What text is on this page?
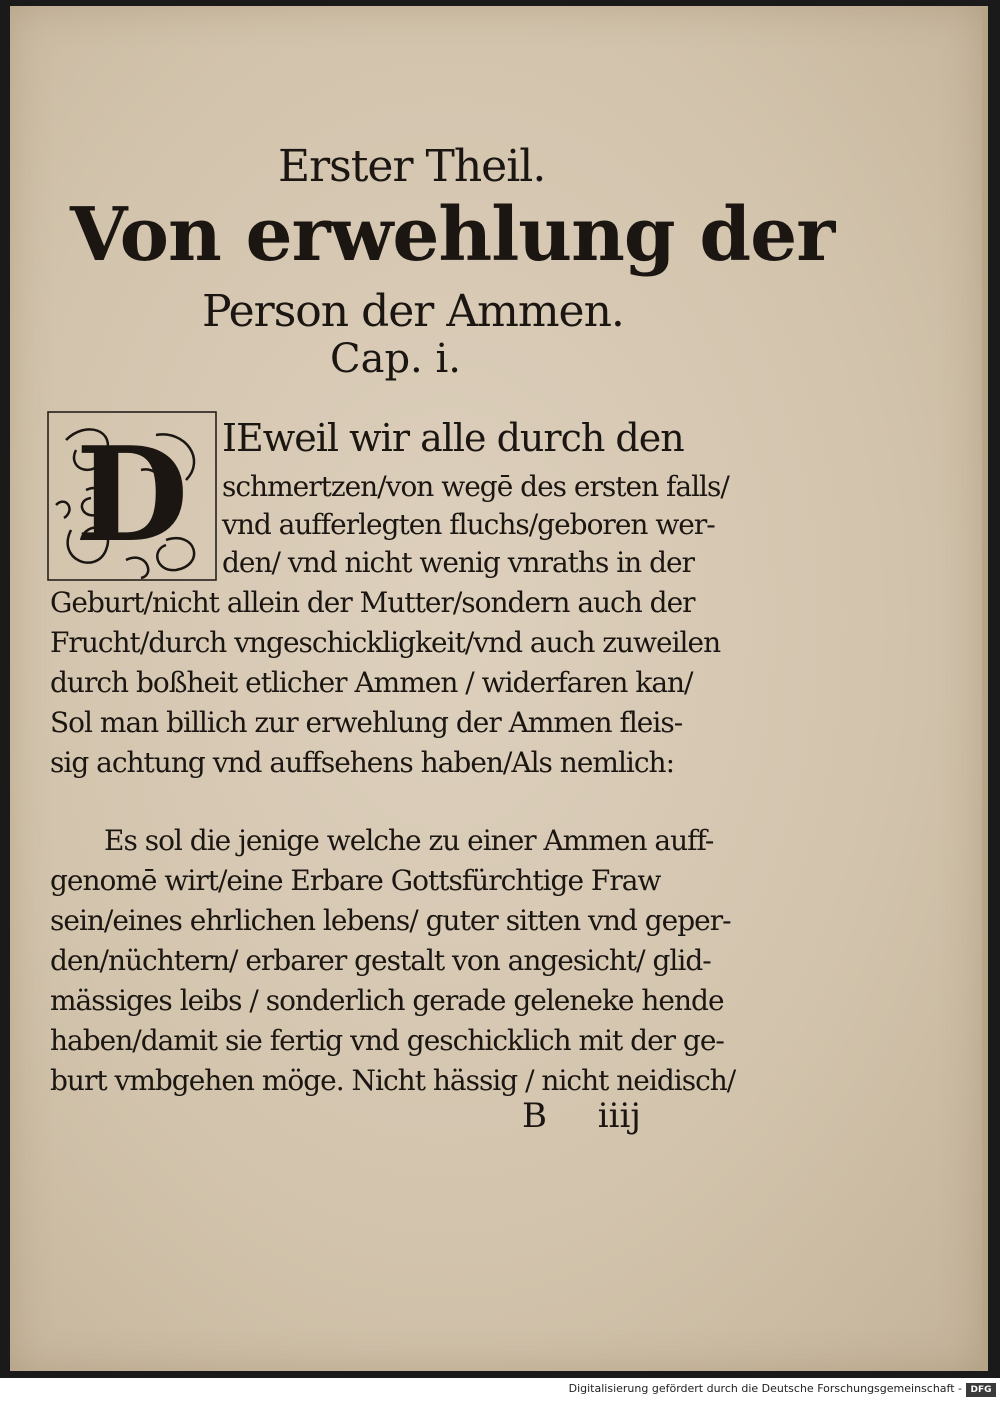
Erster Theil.
Von erwehlung der
Person der Ammen.
Cap. i.
D IEweil wir alle durch den
schmertzen/von wegē des ersten falls/
vnd aufferlegten fluchs/geboren wer-
den/ vnd nicht wenig vnraths in der
Geburt/nicht allein der Mutter/sondern auch der
Frucht/durch vngeschickligkeit/vnd auch zuweilen
durch boßheit etlicher Ammen / widerfaren kan/
Sol man billich zur erwehlung der Ammen fleis-
sig achtung vnd auffsehens haben/Als nemlich:
Es sol die jenige welche zu einer Ammen auff-
genomē wirt/eine Erbare Gottsfürchtige Fraw
sein/eines ehrlichen lebens/ guter sitten vnd geper-
den/nüchtern/ erbarer gestalt von angesicht/ glid-
mässiges leibs / sonderlich gerade geleneke hende
haben/damit sie fertig vnd geschicklich mit der ge-
burt vmbgehen möge. Nicht hässig / nicht neidisch/
B iiij
Digitalisierung gefördert durch die Deutsche Forschungsgemeinschaft - DFG
